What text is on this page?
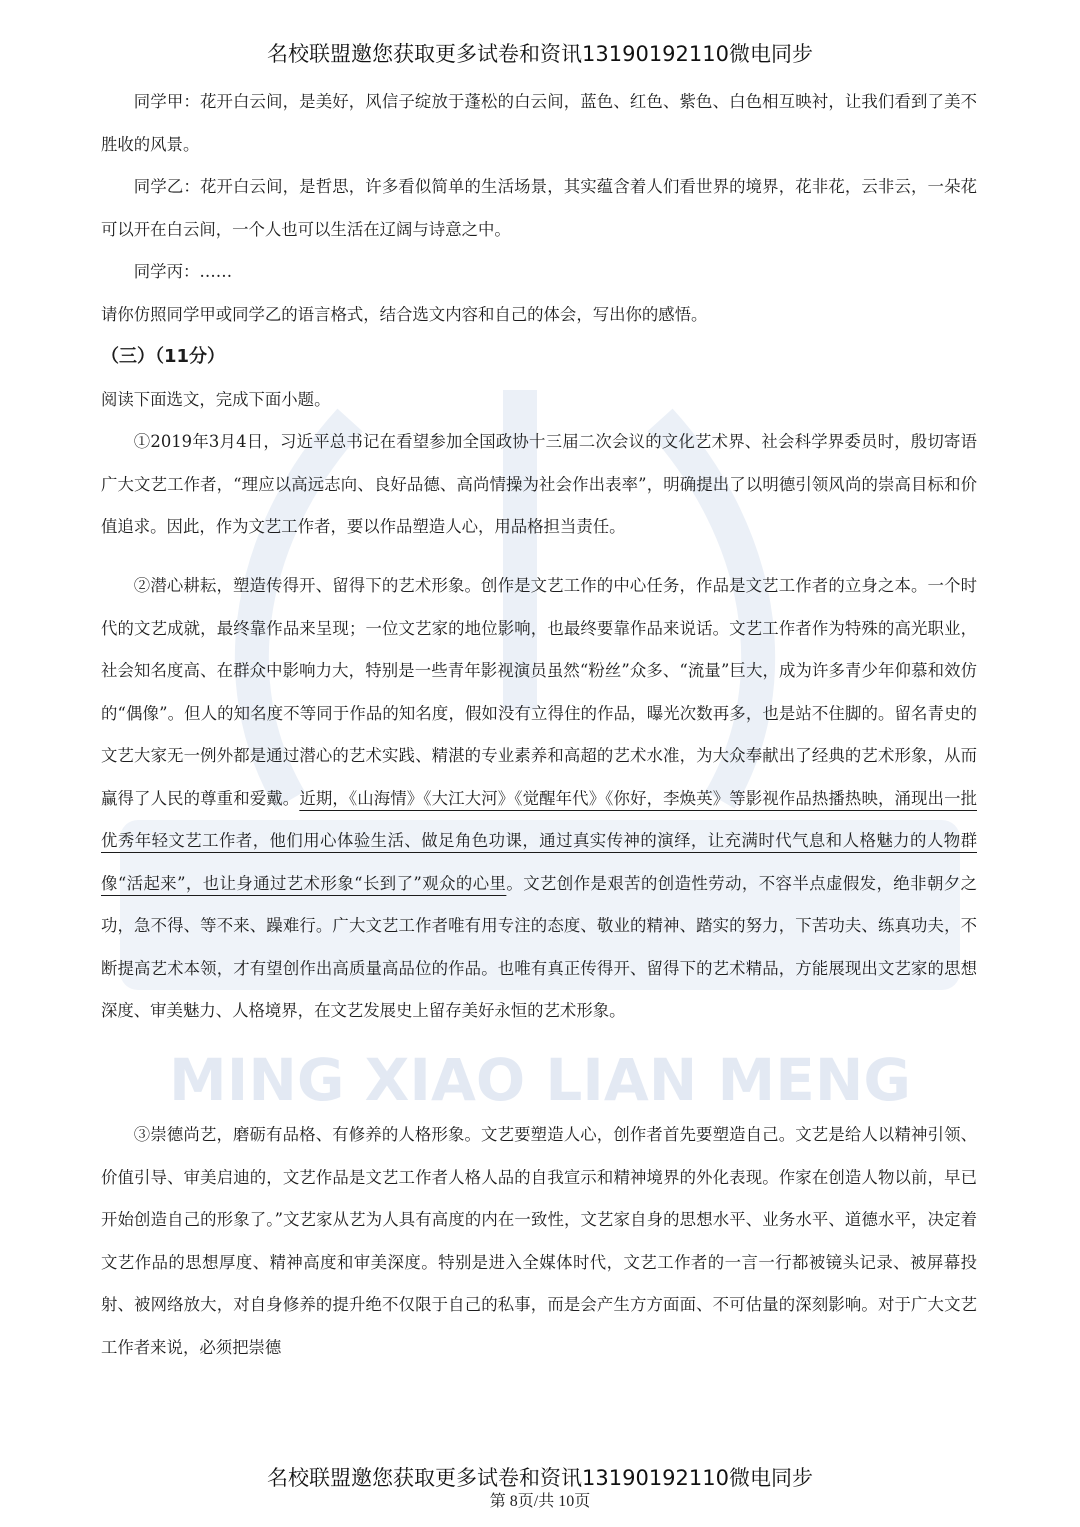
MING XIAO LIAN MENG
名校联盟邀您获取更多试卷和资讯13190192110微电同步

同学甲：花开白云间，是美好，风信子绽放于蓬松的白云间，蓝色、红色、紫色、白色相互映衬，让我们看到了美不胜收的风景。

同学乙：花开白云间，是哲思，许多看似简单的生活场景，其实蕴含着人们看世界的境界，花非花，云非云，一朵花可以开在白云间，一个人也可以生活在辽阔与诗意之中。

同学丙：……

请你仿照同学甲或同学乙的语言格式，结合选文内容和自己的体会，写出你的感悟。

（三）（11分）

阅读下面选文，完成下面小题。

①2019年3月4日，习近平总书记在看望参加全国政协十三届二次会议的文化艺术界、社会科学界委员时，殷切寄语广大文艺工作者，“理应以高远志向、良好品德、高尚情操为社会作出表率”，明确提出了以明德引领风尚的崇高目标和价值追求。因此，作为文艺工作者，要以作品塑造人心，用品格担当责任。

②潜心耕耘，塑造传得开、留得下的艺术形象。创作是文艺工作的中心任务，作品是文艺工作者的立身之本。一个时代的文艺成就，最终靠作品来呈现；一位文艺家的地位影响，也最终要靠作品来说话。文艺工作者作为特殊的高光职业，社会知名度高、在群众中影响力大，特别是一些青年影视演员虽然“粉丝”众多、“流量”巨大，成为许多青少年仰慕和效仿的“偶像”。但人的知名度不等同于作品的知名度，假如没有立得住的作品，曝光次数再多，也是站不住脚的。留名青史的文艺大家无一例外都是通过潜心的艺术实践、精湛的专业素养和高超的艺术水准，为大众奉献出了经典的艺术形象，从而赢得了人民的尊重和爱戴。近期，《山海情》《大江大河》《觉醒年代》《你好，李焕英》等影视作品热播热映，涌现出一批优秀年轻文艺工作者，他们用心体验生活、做足角色功课，通过真实传神的演绎，让充满时代气息和人格魅力的人物群像“活起来”，也让身通过艺术形象“长到了”观众的心里。文艺创作是艰苦的创造性劳动，不容半点虚假发，绝非朝夕之功，急不得、等不来、躁难行。广大文艺工作者唯有用专注的态度、敬业的精神、踏实的努力，下苦功夫、练真功夫，不断提高艺术本领，才有望创作出高质量高品位的作品。也唯有真正传得开、留得下的艺术精品，方能展现出文艺家的思想深度、审美魅力、人格境界，在文艺发展史上留存美好永恒的艺术形象。

③崇德尚艺，磨砺有品格、有修养的人格形象。文艺要塑造人心，创作者首先要塑造自己。文艺是给人以精神引领、价值引导、审美启迪的，文艺作品是文艺工作者人格人品的自我宣示和精神境界的外化表现。作家在创造人物以前，早已开始创造自己的形象了。”文艺家从艺为人具有高度的内在一致性，文艺家自身的思想水平、业务水平、道德水平，决定着文艺作品的思想厚度、精神高度和审美深度。特别是进入全媒体时代，文艺工作者的一言一行都被镜头记录、被屏幕投射、被网络放大，对自身修养的提升绝不仅限于自己的私事，而是会产生方方面面、不可估量的深刻影响。对于广大文艺工作者来说，必须把崇德

名校联盟邀您获取更多试卷和资讯13190192110微电同步
第 8页/共 10页
